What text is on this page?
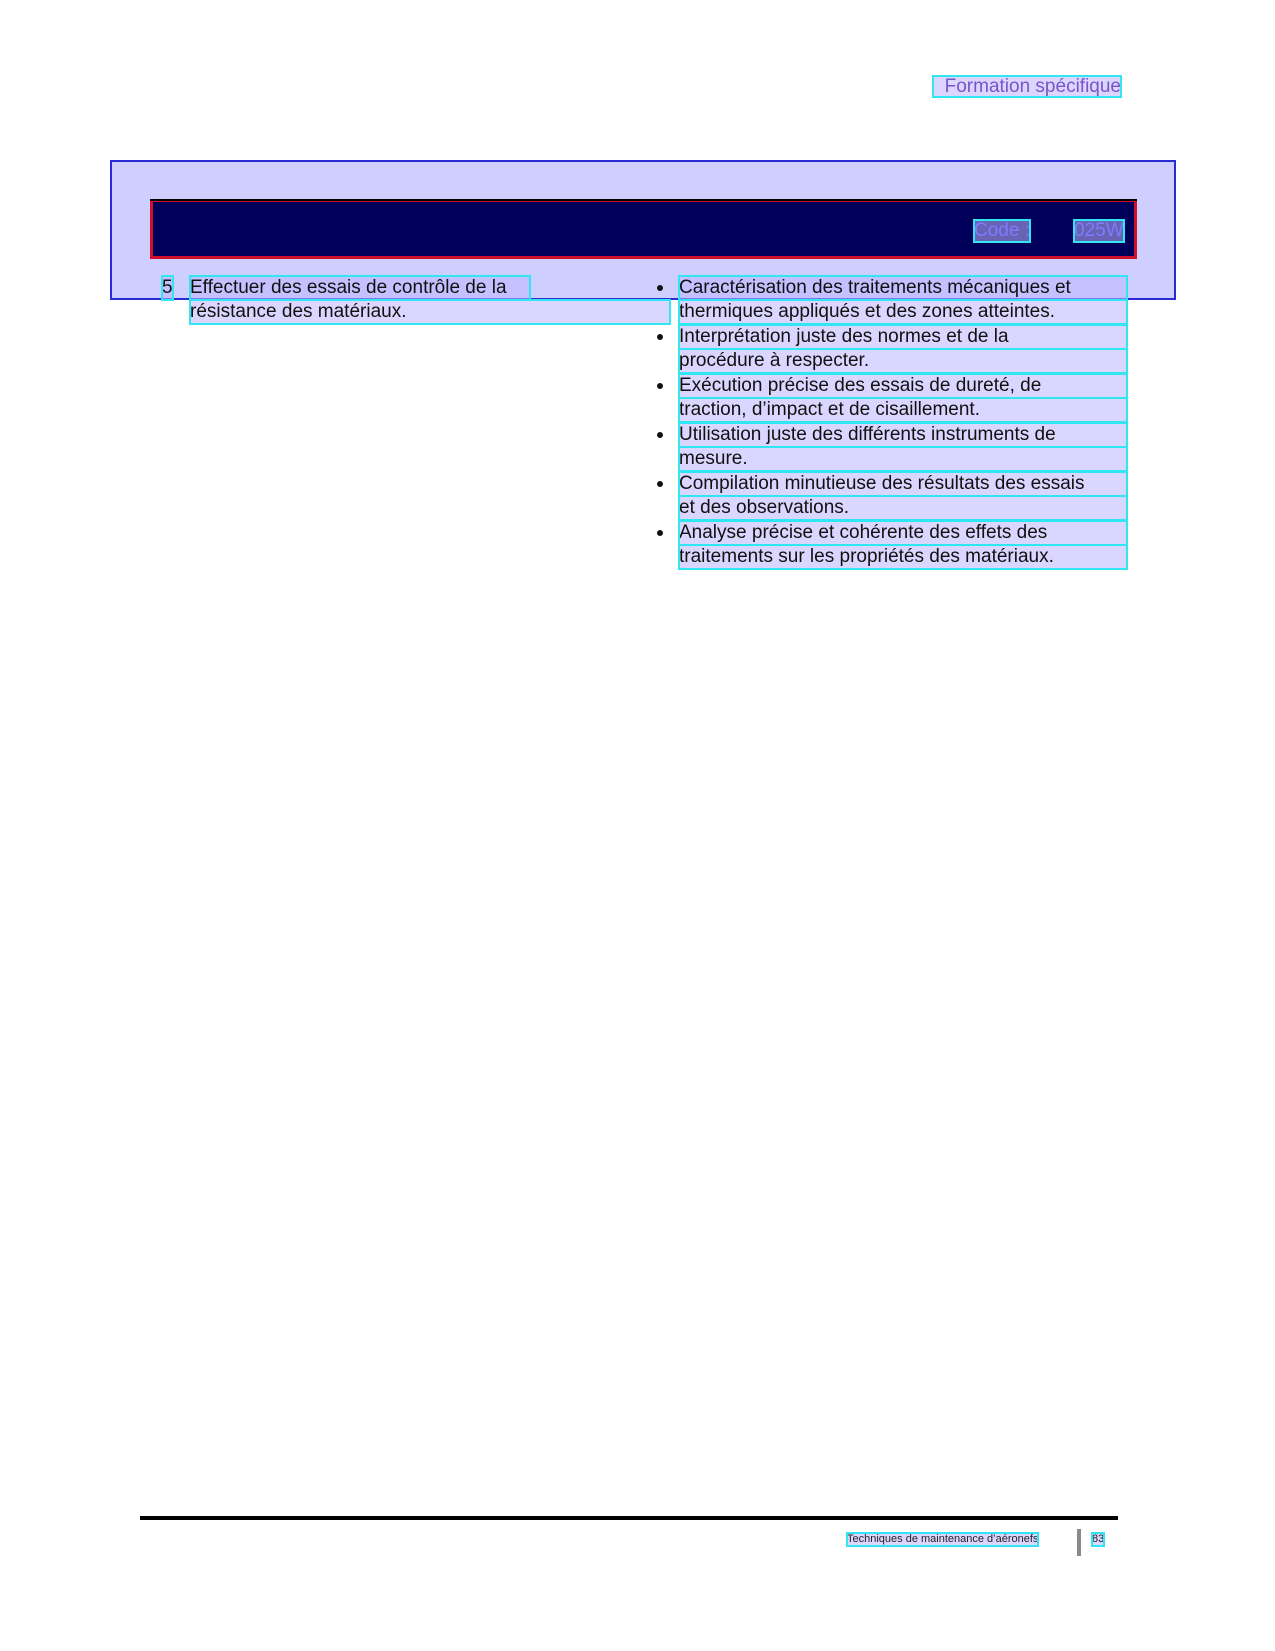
Formation spécifique
Code : 025W
5 Effectuer des essais de contrôle de la
résistance des matériaux.
Caractérisation des traitements mécaniques et
thermiques appliqués et des zones atteintes.
Interprétation juste des normes et de la
procédure à respecter.
Exécution précise des essais de dureté, de
traction, d’impact et de cisaillement.
Utilisation juste des différents instruments de
mesure.
Compilation minutieuse des résultats des essais
et des observations.
Analyse précise et cohérente des effets des
traitements sur les propriétés des matériaux.
Techniques de maintenance d’aéronefs	83
